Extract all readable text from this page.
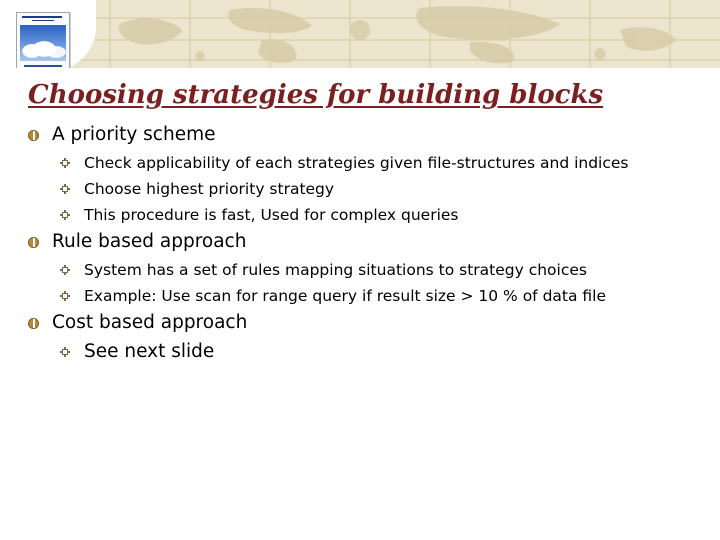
Choosing strategies for building blocks
A priority scheme
Check applicability of each strategies given file-structures and indices
Choose highest priority strategy
This procedure is fast, Used for complex queries
Rule based approach
System has a set of rules mapping situations to strategy choices
Example: Use scan for range query if result size > 10 % of data file
Cost based approach
See next slide
